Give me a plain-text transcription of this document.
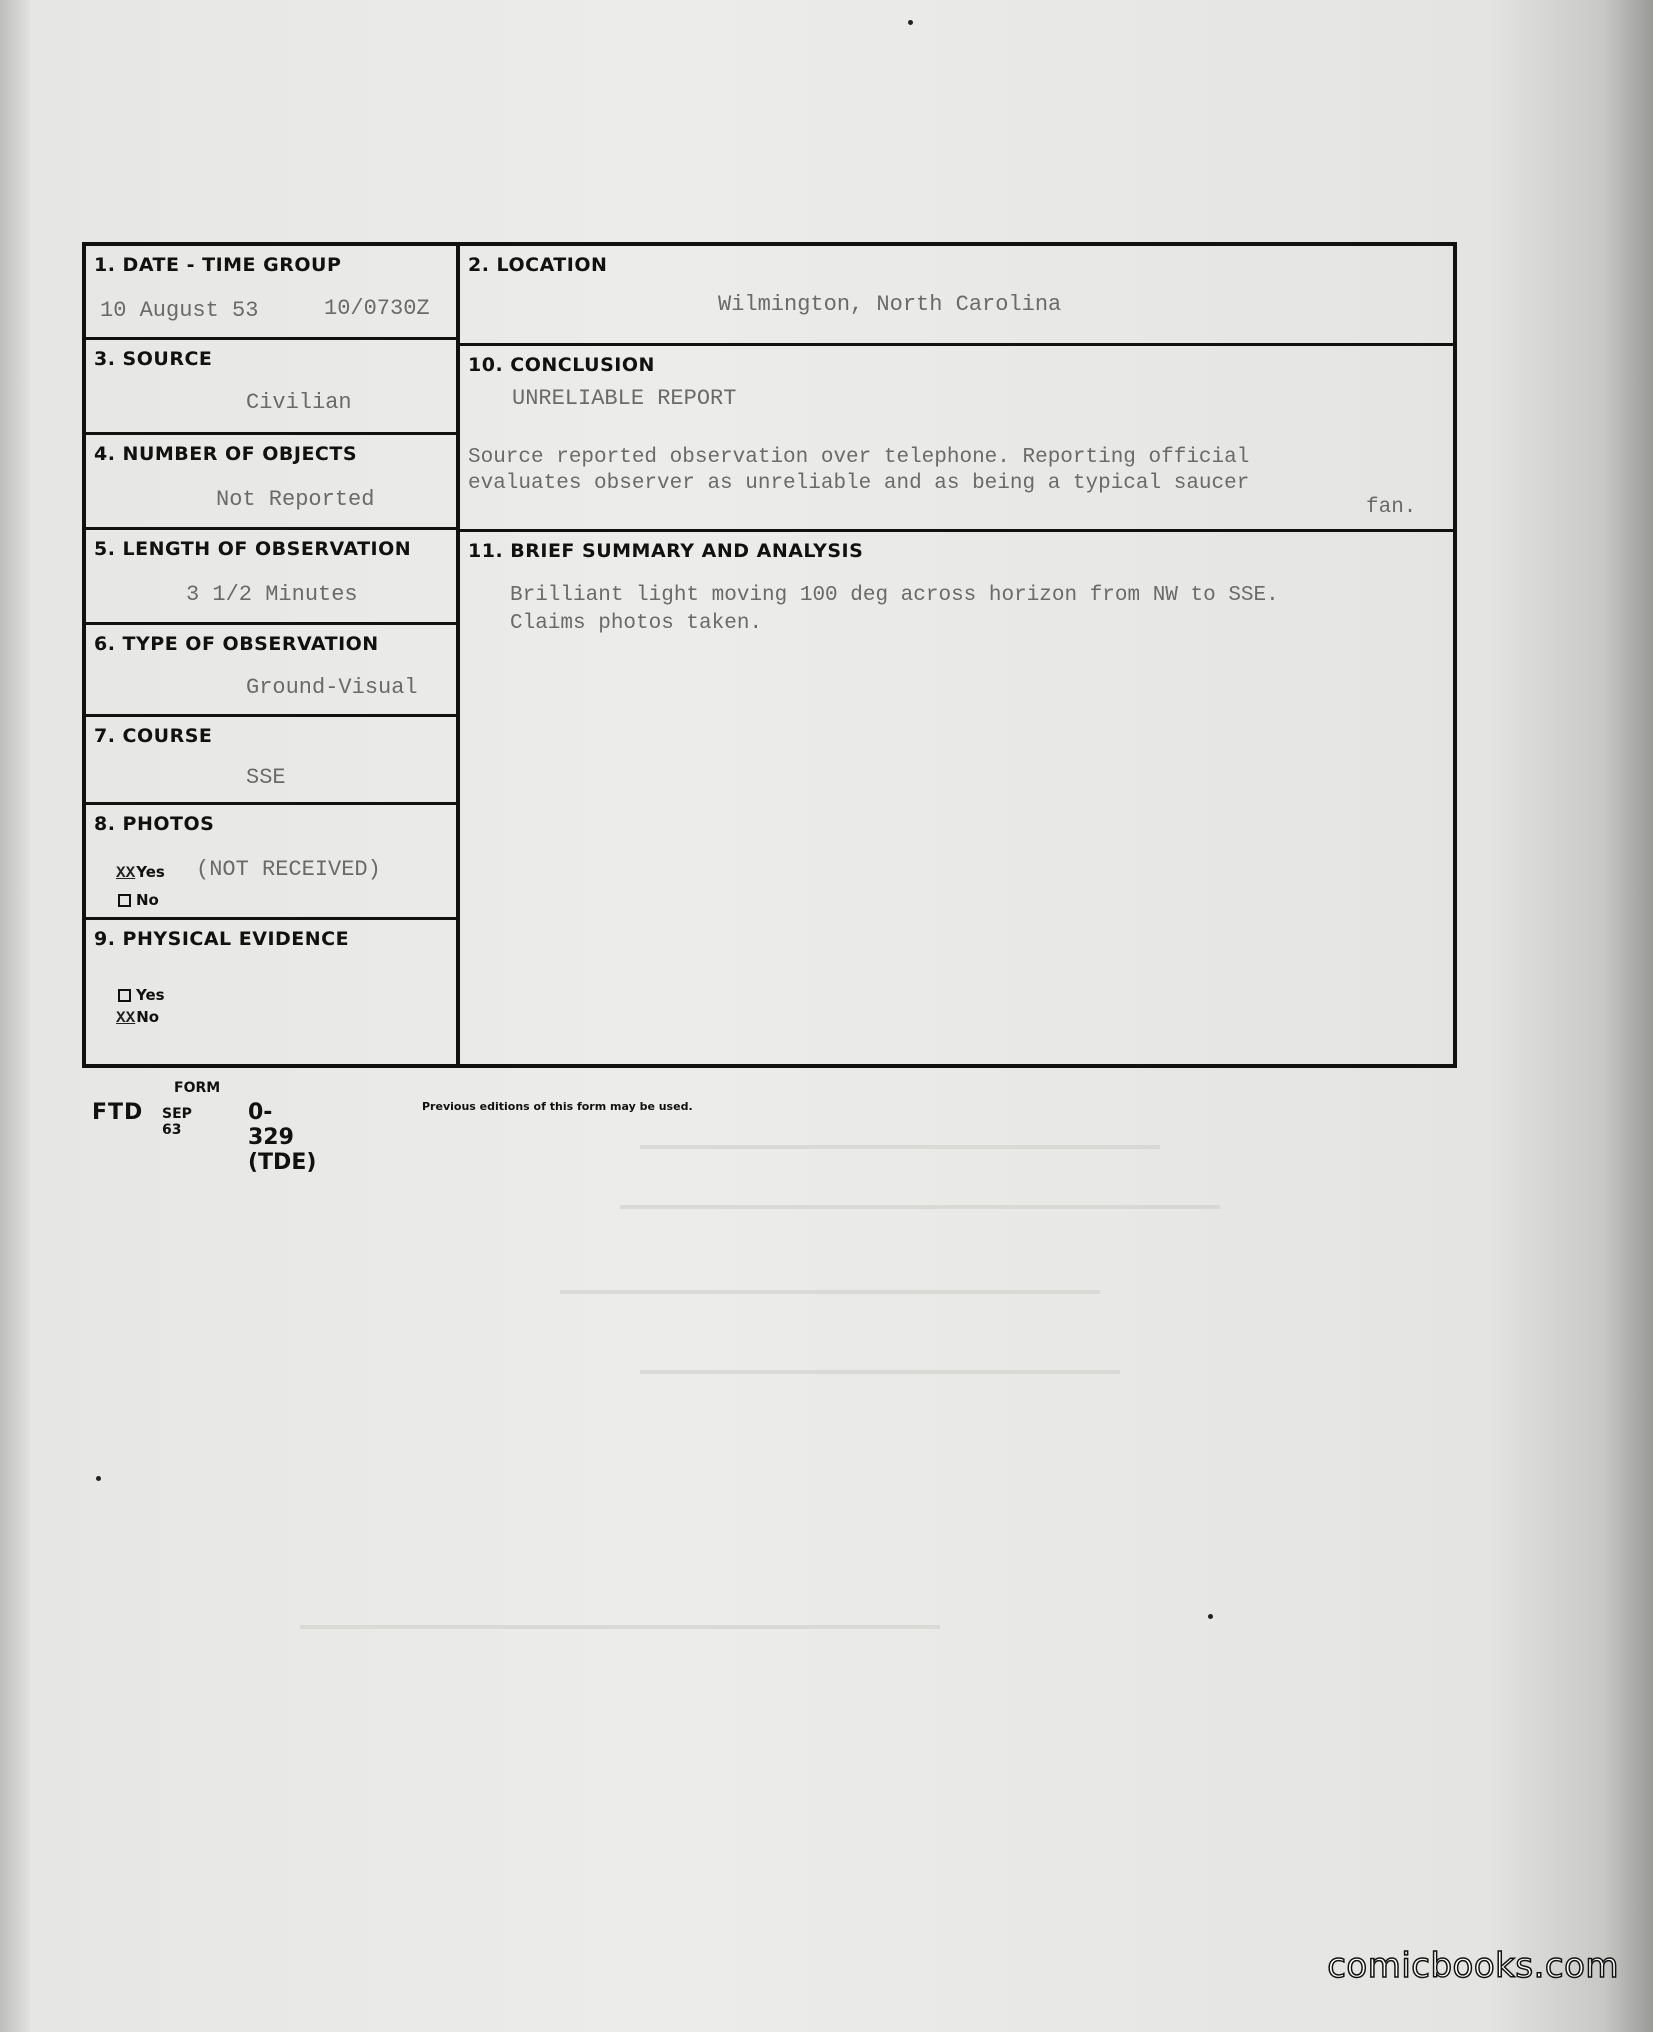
1. DATE - TIME GROUP
10 August 53	10/0730Z
3. SOURCE
Civilian
4. NUMBER OF OBJECTS
Not Reported
5. LENGTH OF OBSERVATION
3 1/2 Minutes
6. TYPE OF OBSERVATION
Ground-Visual
7. COURSE
SSE
8. PHOTOS
XXYes (NOT RECEIVED)
No
9. PHYSICAL EVIDENCE
Yes
XXNo
2. LOCATION
Wilmington, North Carolina
10. CONCLUSION
UNRELIABLE REPORT
Source reported observation over telephone. Reporting official
evaluates observer as unreliable and as being a typical saucer
fan.
11. BRIEF SUMMARY AND ANALYSIS
Brilliant light moving 100 deg across horizon from NW to SSE.
Claims photos taken.
FORM
FTD SEP 63
0-329 (TDE)
Previous editions of this form may be used.
comicbooks.com
